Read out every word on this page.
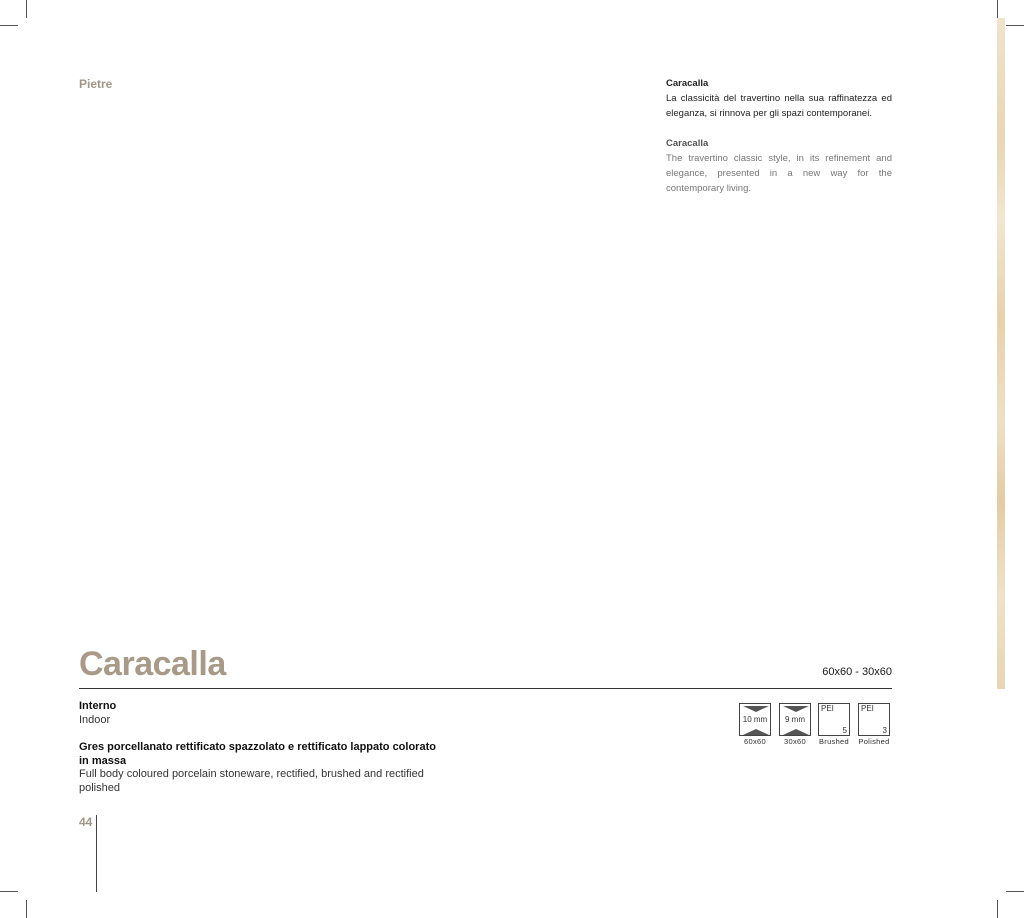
Pietre	Caracalla
La classicità del travertino nella sua raffinatezza ed eleganza, si rinnova per gli spazi contemporanei.
Caracalla
The travertino classic style, in its refinement and elegance, presented in a new way for the contemporary living.
Caracalla	60x60 - 30x60
Interno
Indoor
Gres porcellanato rettificato spazzolato e rettificato lappato colorato in massa
Full body coloured porcelain stoneware, rectified, brushed and rectified polished
10 mm
60x60
9 mm
30x60
PEI
5
Brushed
PEI
3
Polished
44
